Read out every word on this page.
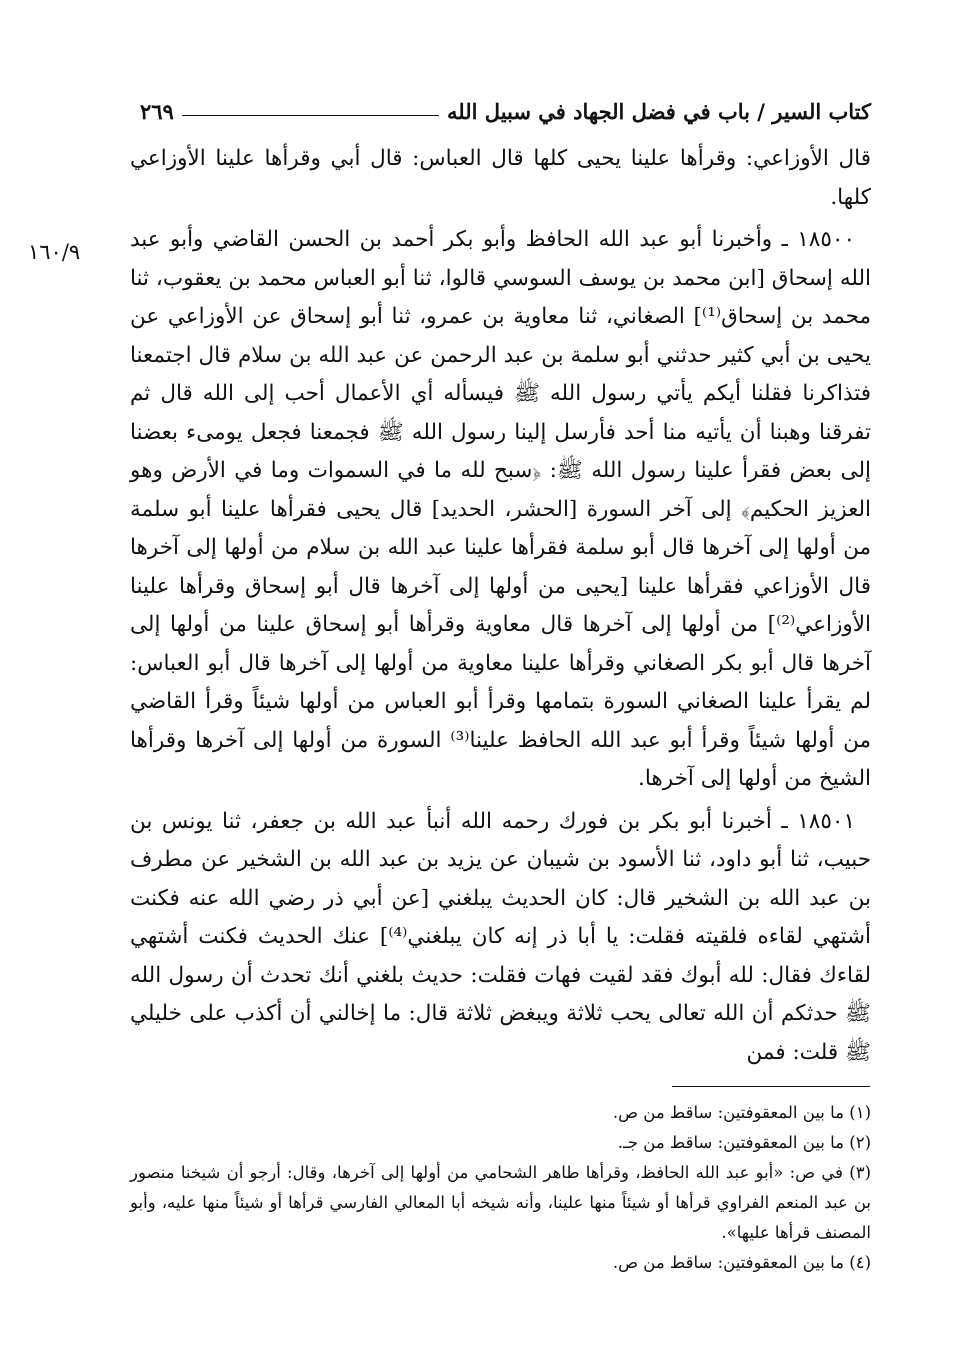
كتاب السير / باب في فضل الجهاد في سبيل الله
٢٦٩
١٦٠/٩

قال الأوزاعي: وقرأها علينا يحيى كلها قال العباس: قال أبي وقرأها علينا الأوزاعي كلها.

١٨٥٠٠ ـ وأخبرنا أبو عبد الله الحافظ وأبو بكر أحمد بن الحسن القاضي وأبو عبد الله إسحاق [ابن محمد بن يوسف السوسي قالوا، ثنا أبو العباس محمد بن يعقوب، ثنا محمد بن إسحاق⁽¹⁾] الصغاني، ثنا معاوية بن عمرو، ثنا أبو إسحاق عن الأوزاعي عن يحيى بن أبي كثير حدثني أبو سلمة بن عبد الرحمن عن عبد الله بن سلام قال اجتمعنا فتذاكرنا فقلنا أيكم يأتي رسول الله ﷺ فيسأله أي الأعمال أحب إلى الله قال ثم تفرقنا وهبنا أن يأتيه منا أحد فأرسل إلينا رسول الله ﷺ فجمعنا فجعل يومىء بعضنا إلى بعض فقرأ علينا رسول الله ﷺ: ﴿سبح لله ما في السموات وما في الأرض وهو العزيز الحكيم﴾ إلى آخر السورة [الحشر، الحديد] قال يحيى فقرأها علينا أبو سلمة من أولها إلى آخرها قال أبو سلمة فقرأها علينا عبد الله بن سلام من أولها إلى آخرها قال الأوزاعي فقرأها علينا [يحيى من أولها إلى آخرها قال أبو إسحاق وقرأها علينا الأوزاعي⁽²⁾] من أولها إلى آخرها قال معاوية وقرأها أبو إسحاق علينا من أولها إلى آخرها قال أبو بكر الصغاني وقرأها علينا معاوية من أولها إلى آخرها قال أبو العباس: لم يقرأ علينا الصغاني السورة بتمامها وقرأ أبو العباس من أولها شيئاً وقرأ القاضي من أولها شيئاً وقرأ أبو عبد الله الحافظ علينا⁽³⁾ السورة من أولها إلى آخرها وقرأها الشيخ من أولها إلى آخرها.

١٨٥٠١ ـ أخبرنا أبو بكر بن فورك رحمه الله أنبأ عبد الله بن جعفر، ثنا يونس بن حبيب، ثنا أبو داود، ثنا الأسود بن شيبان عن يزيد بن عبد الله بن الشخير عن مطرف بن عبد الله بن الشخير قال: كان الحديث يبلغني [عن أبي ذر رضي الله عنه فكنت أشتهي لقاءه فلقيته فقلت: يا أبا ذر إنه كان يبلغني⁽⁴⁾] عنك الحديث فكنت أشتهي لقاءك فقال: لله أبوك فقد لقيت فهات فقلت: حديث بلغني أنك تحدث أن رسول الله ﷺ حدثكم أن الله تعالى يحب ثلاثة ويبغض ثلاثة قال: ما إخالني أن أكذب على خليلي ﷺ قلت: فمن

(١) ما بين المعقوفتين: ساقط من ص.
(٢) ما بين المعقوفتين: ساقط من جـ.
(٣) في ص: «أبو عبد الله الحافظ، وقرأها طاهر الشحامي من أولها إلى آخرها، وقال: أرجو أن شيخنا منصور بن عبد المنعم الفراوي قرأها أو شيئاً منها علينا، وأنه شيخه أبا المعالي الفارسي قرأها أو شيئاً منها عليه، وأبو المصنف قرأها عليها».
(٤) ما بين المعقوفتين: ساقط من ص.
